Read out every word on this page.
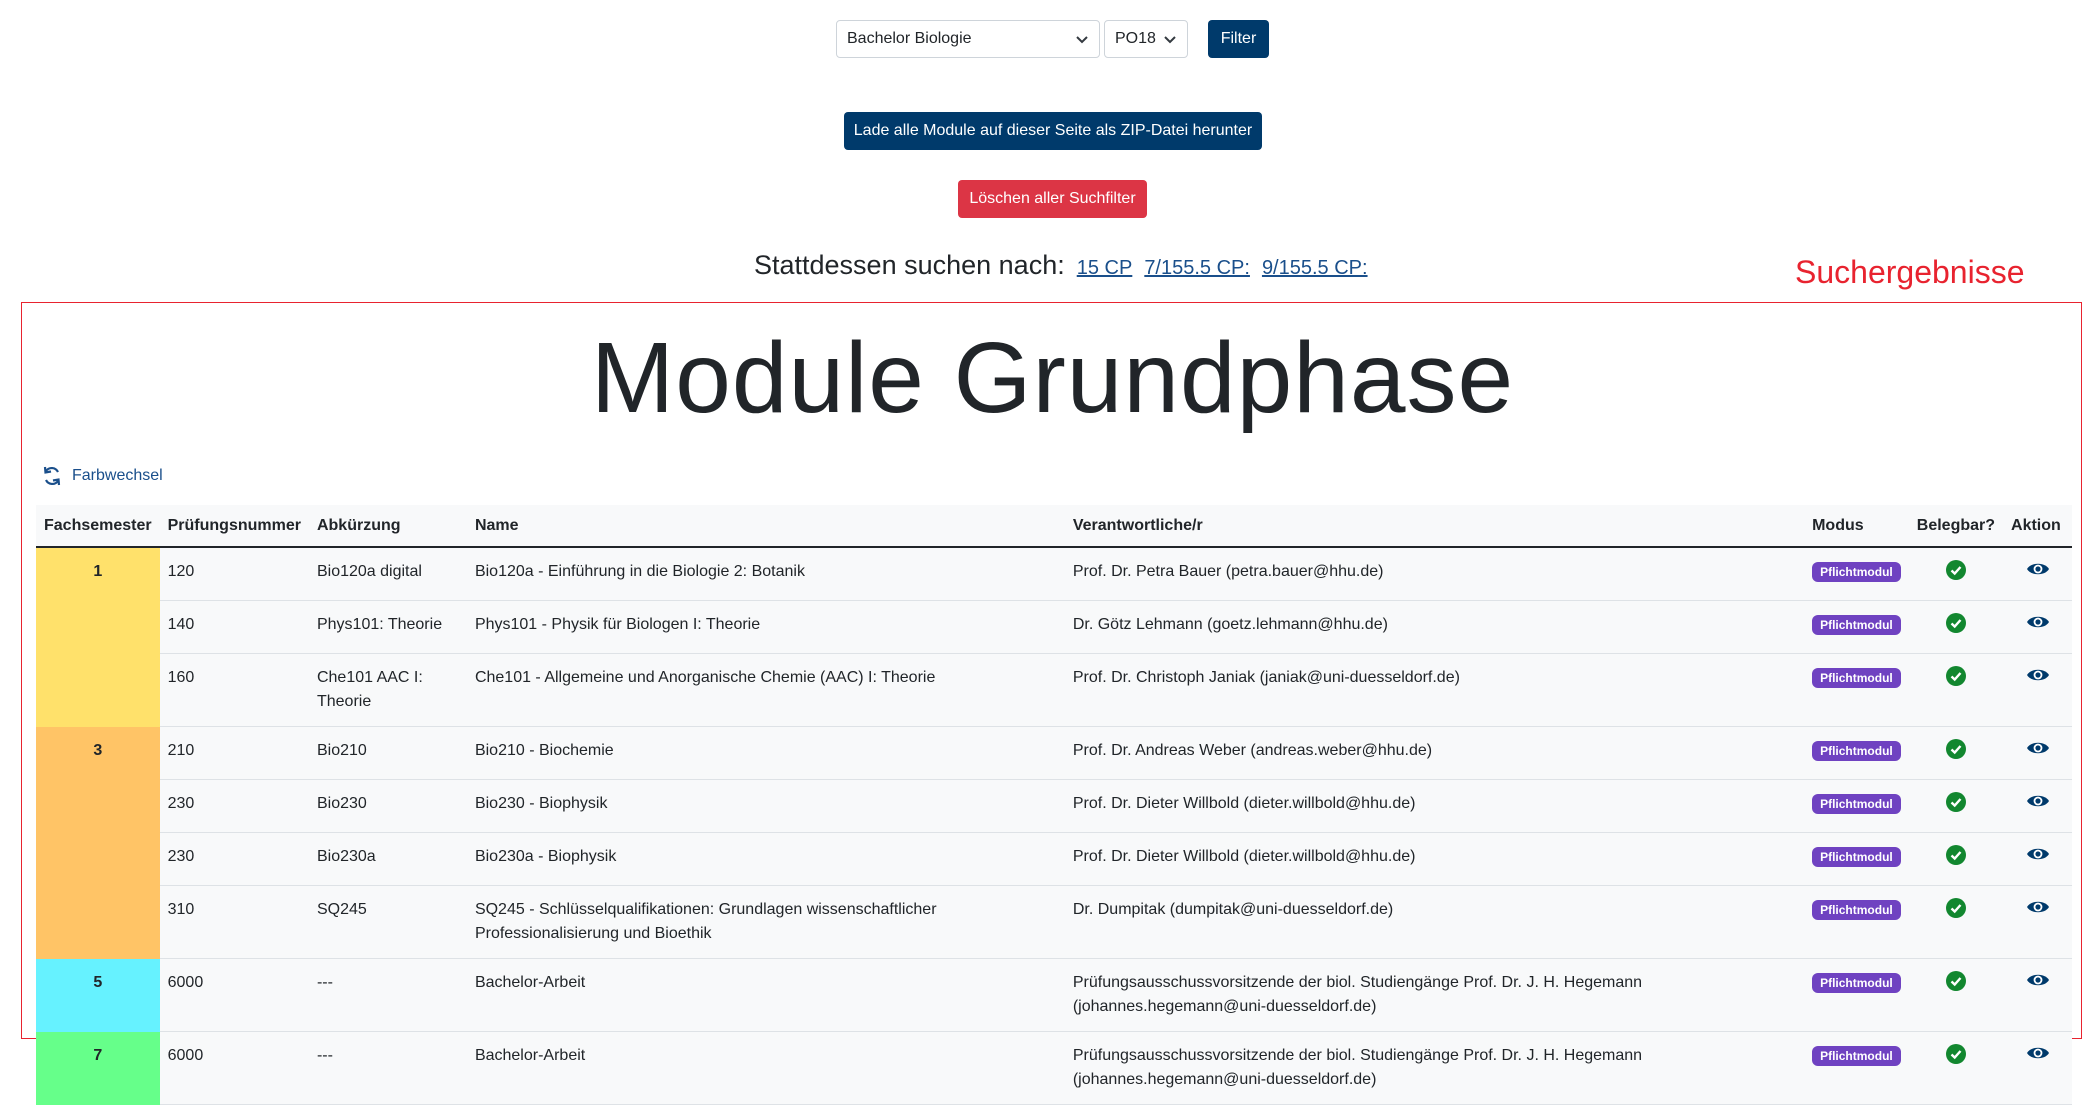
Bachelor Biologie	PO18	Filter
Lade alle Module auf dieser Seite als ZIP-Datei herunter
Löschen aller Suchfilter
Stattdessen suchen nach: 15 CP 7/155.5 CP: 9/155.5 CP:	Suchergebnisse
Module Grundphase
Farbwechsel
Fachsemester	Prüfungsnummer	Abkürzung	Name	Verantwortliche/r	Modus	Belegbar?	Aktion
1	120	Bio120a digital	Bio120a - Einführung in die Biologie 2: Botanik	Prof. Dr. Petra Bauer (petra.bauer@hhu.de)	Pflichtmodul		
	140	Phys101: Theorie	Phys101 - Physik für Biologen I: Theorie	Dr. Götz Lehmann (goetz.lehmann@hhu.de)	Pflichtmodul		
	160	Che101 AAC I: Theorie	Che101 - Allgemeine und Anorganische Chemie (AAC) I: Theorie	Prof. Dr. Christoph Janiak (janiak@uni-duesseldorf.de)	Pflichtmodul		
3	210	Bio210	Bio210 - Biochemie	Prof. Dr. Andreas Weber (andreas.weber@hhu.de)	Pflichtmodul		
	230	Bio230	Bio230 - Biophysik	Prof. Dr. Dieter Willbold (dieter.willbold@hhu.de)	Pflichtmodul		
	230	Bio230a	Bio230a - Biophysik	Prof. Dr. Dieter Willbold (dieter.willbold@hhu.de)	Pflichtmodul		
	310	SQ245	SQ245 - Schlüsselqualifikationen: Grundlagen wissenschaftlicher Professionalisierung und Bioethik	Dr. Dumpitak (dumpitak@uni-duesseldorf.de)	Pflichtmodul		
5	6000	---	Bachelor-Arbeit	Prüfungsausschussvorsitzende der biol. Studiengänge Prof. Dr. J. H. Hegemann (johannes.hegemann@uni-duesseldorf.de)	Pflichtmodul		
7	6000	---	Bachelor-Arbeit	Prüfungsausschussvorsitzende der biol. Studiengänge Prof. Dr. J. H. Hegemann (johannes.hegemann@uni-duesseldorf.de)	Pflichtmodul		
